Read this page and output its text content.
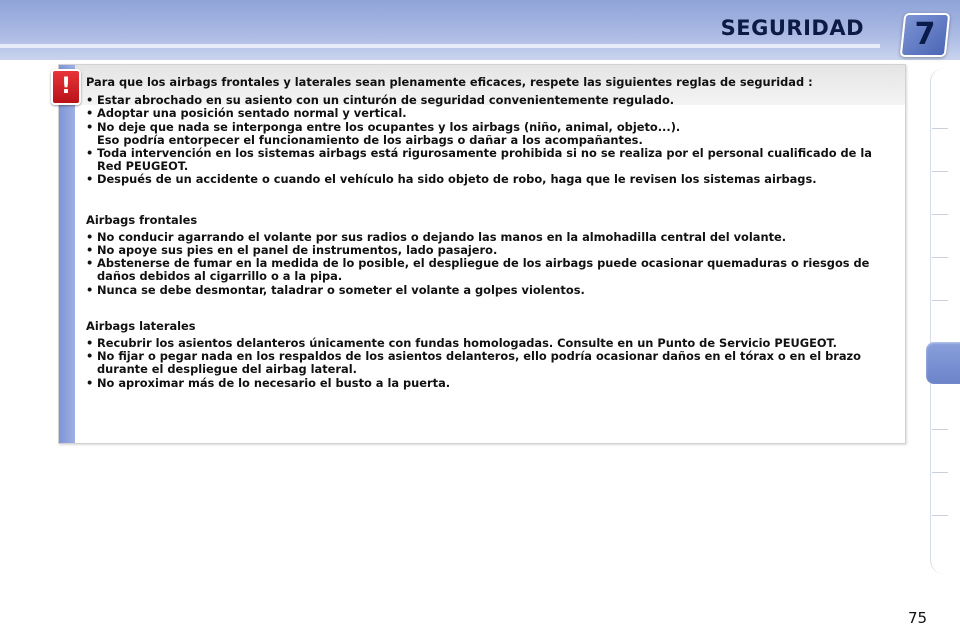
SEGURIDAD	7
!	Para que los airbags frontales y laterales sean plenamente eficaces, respete las siguientes reglas de seguridad :

• Estar abrochado en su asiento con un cinturón de seguridad convenientemente regulado.
• Adoptar una posición sentado normal y vertical.
• No deje que nada se interponga entre los ocupantes y los airbags (niño, animal, objeto...).
Eso podría entorpecer el funcionamiento de los airbags o dañar a los acompañantes.
• Toda intervención en los sistemas airbags está rigurosamente prohibida si no se realiza por el personal cualificado de la Red PEUGEOT.
• Después de un accidente o cuando el vehículo ha sido objeto de robo, haga que le revisen los sistemas airbags.

Airbags frontales

• No conducir agarrando el volante por sus radios o dejando las manos en la almohadilla central del volante.
• No apoye sus pies en el panel de instrumentos, lado pasajero.
• Abstenerse de fumar en la medida de lo posible, el despliegue de los airbags puede ocasionar quemaduras o riesgos de daños debidos al cigarrillo o a la pipa.
• Nunca se debe desmontar, taladrar o someter el volante a golpes violentos.

Airbags laterales

• Recubrir los asientos delanteros únicamente con fundas homologadas. Consulte en un Punto de Servicio PEUGEOT.
• No fijar o pegar nada en los respaldos de los asientos delanteros, ello podría ocasionar daños en el tórax o en el brazo durante el despliegue del airbag lateral.
• No aproximar más de lo necesario el busto a la puerta.
75
